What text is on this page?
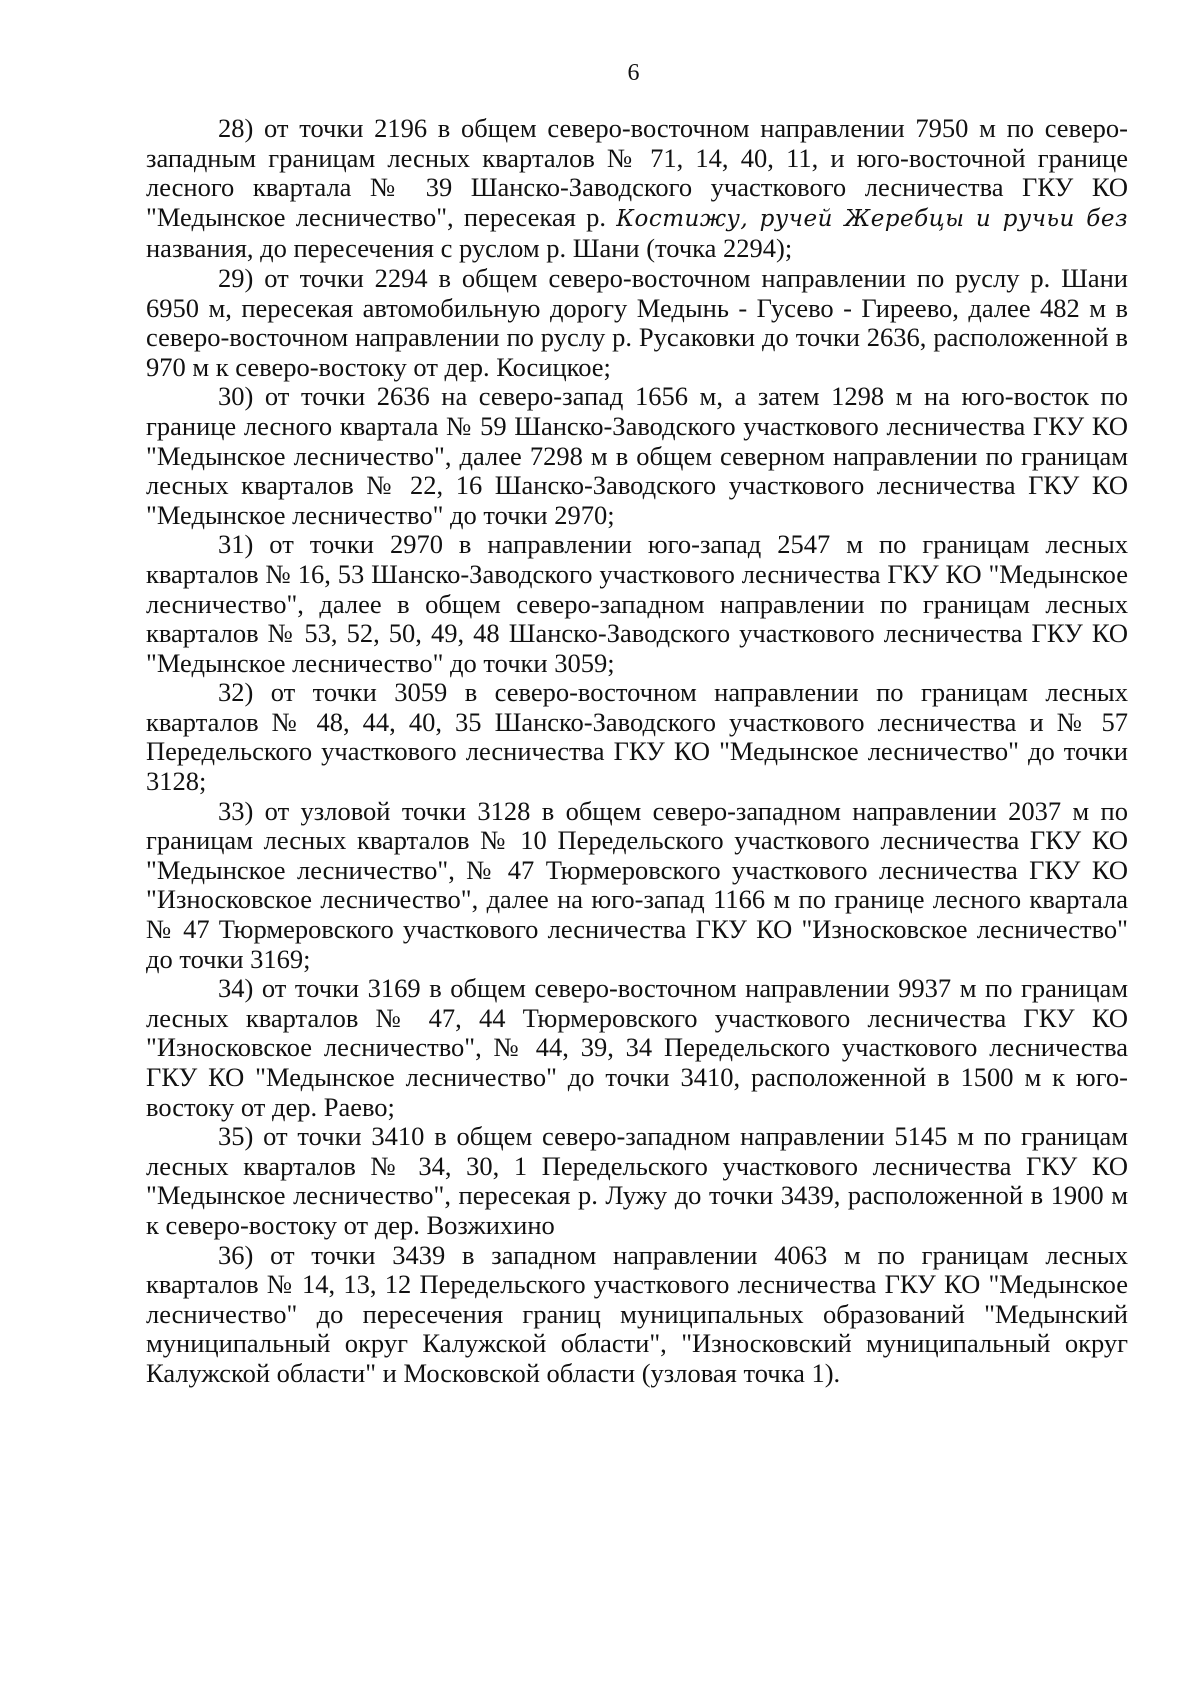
6

28) от точки 2196 в общем северо-восточном направлении 7950 м по северо-западным границам лесных кварталов № 71, 14, 40, 11, и юго-восточной границе лесного квартала № 39 Шанско-Заводского участкового лесничества ГКУ КО "Медынское лесничество", пересекая р. Костижу, ручей Жеребцы и ручьи без названия, до пересечения с руслом р. Шани (точка 2294);

29) от точки 2294 в общем северо-восточном направлении по руслу р. Шани 6950 м, пересекая автомобильную дорогу Медынь - Гусево - Гиреево, далее 482 м в северо-восточном направлении по руслу р. Русаковки до точки 2636, расположенной в 970 м к северо-востоку от дер. Косицкое;

30) от точки 2636 на северо-запад 1656 м, а затем 1298 м на юго-восток по границе лесного квартала № 59 Шанско-Заводского участкового лесничества ГКУ КО "Медынское лесничество", далее 7298 м в общем северном направлении по границам лесных кварталов № 22, 16 Шанско-Заводского участкового лесничества ГКУ КО "Медынское лесничество" до точки 2970;

31) от точки 2970 в направлении юго-запад 2547 м по границам лесных кварталов № 16, 53 Шанско-Заводского участкового лесничества ГКУ КО "Медынское лесничество", далее в общем северо-западном направлении по границам лесных кварталов № 53, 52, 50, 49, 48 Шанско-Заводского участкового лесничества ГКУ КО "Медынское лесничество" до точки 3059;

32) от точки 3059 в северо-восточном направлении по границам лесных кварталов № 48, 44, 40, 35 Шанско-Заводского участкового лесничества и № 57 Передельского участкового лесничества ГКУ КО "Медынское лесничество" до точки 3128;

33) от узловой точки 3128 в общем северо-западном направлении 2037 м по границам лесных кварталов № 10 Передельского участкового лесничества ГКУ КО "Медынское лесничество", № 47 Тюрмеровского участкового лесничества ГКУ КО "Износковское лесничество", далее на юго-запад 1166 м по границе лесного квартала № 47 Тюрмеровского участкового лесничества ГКУ КО "Износковское лесничество" до точки 3169;

34) от точки 3169 в общем северо-восточном направлении 9937 м по границам лесных кварталов № 47, 44 Тюрмеровского участкового лесничества ГКУ КО "Износковское лесничество", № 44, 39, 34 Передельского участкового лесничества ГКУ КО "Медынское лесничество" до точки 3410, расположенной в 1500 м к юго-востоку от дер. Раево;

35) от точки 3410 в общем северо-западном направлении 5145 м по границам лесных кварталов № 34, 30, 1 Передельского участкового лесничества ГКУ КО "Медынское лесничество", пересекая р. Лужу до точки 3439, расположенной в 1900 м к северо-востоку от дер. Возжихино

36) от точки 3439 в западном направлении 4063 м по границам лесных кварталов № 14, 13, 12 Передельского участкового лесничества ГКУ КО "Медынское лесничество" до пересечения границ муниципальных образований "Медынский муниципальный округ Калужской области", "Износковский муниципальный округ Калужской области" и Московской области (узловая точка 1).
